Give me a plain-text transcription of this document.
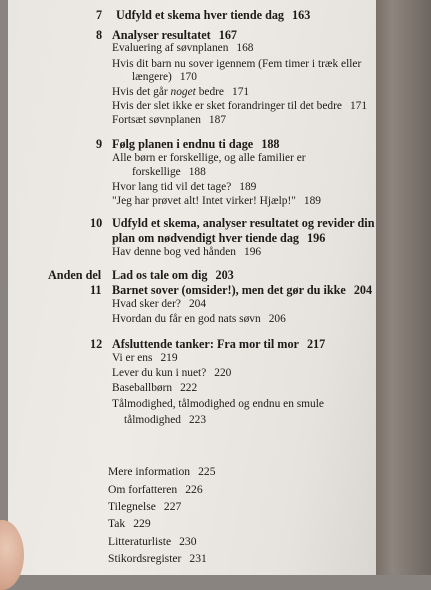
7 Udfyld et skema hver tiende dag 163
8 Analyser resultatet 167
Evaluering af søvnplanen 168
Hvis dit barn nu sover igennem (Fem timer i træk eller
længere) 170
Hvis det går noget bedre 171
Hvis der slet ikke er sket forandringer til det bedre 171
Fortsæt søvnplanen 187
9 Følg planen i endnu ti dage 188
Alle børn er forskellige, og alle familier er
forskellige 188
Hvor lang tid vil det tage? 189
"Jeg har prøvet alt! Intet virker! Hjælp!" 189
10 Udfyld et skema, analyser resultatet og revider din
plan om nødvendigt hver tiende dag 196
Hav denne bog ved hånden 196
Anden del Lad os tale om dig 203
11 Barnet sover (omsider!), men det gør du ikke 204
Hvad sker der? 204
Hvordan du får en god nats søvn 206
12 Afsluttende tanker: Fra mor til mor 217
Vi er ens 219
Lever du kun i nuet? 220
Baseballbørn 222
Tålmodighed, tålmodighed og endnu en smule
tålmodighed 223
Mere information 225
Om forfatteren 226
Tilegnelse 227
Tak 229
Litteraturliste 230
Stikordsregister 231
